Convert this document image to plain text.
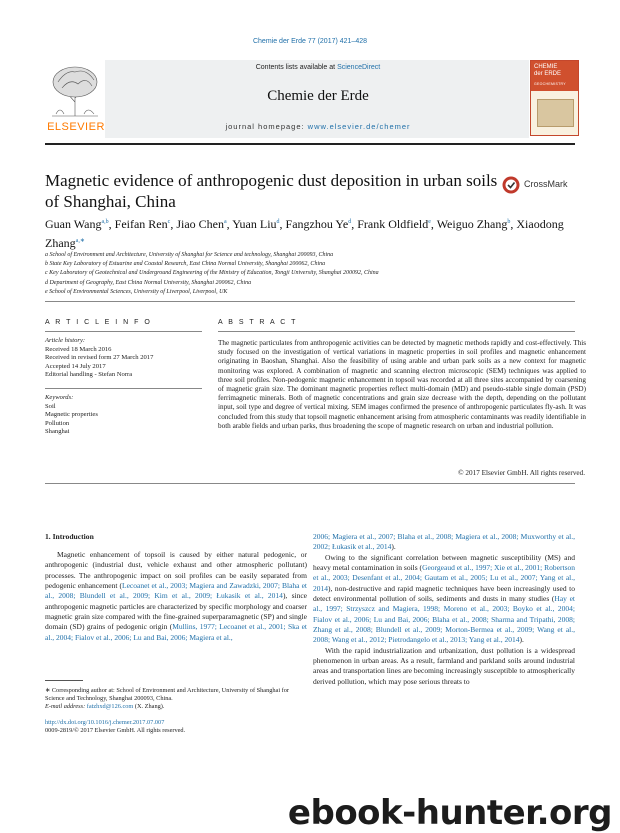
Chemie der Erde 77 (2017) 421–428
ELSEVIER
Contents lists available at ScienceDirect
Chemie der Erde
journal homepage: www.elsevier.de/chemer
CHEMIE
der ERDE
GEOCHEMISTRY
Magnetic evidence of anthropogenic dust deposition in urban soils of Shanghai, China
CrossMark
Guan Wang$^{a,b}$, Feifan Ren$^c$, Jiao Chen$^a$, Yuan Liu$^d$, Fangzhou Ye$^d$, Frank Oldfield$^e$, Weiguo Zhang$^b$, Xiaodong Zhang$^{a,∗}$
a School of Environment and Architecture, University of Shanghai for Science and technology, Shanghai 200093, China
b State Key Laboratory of Estuarine and Coastal Research, East China Normal University, Shanghai 200062, China
c Key Laboratory of Geotechnical and Underground Engineering of the Ministry of Education, Tongji University, Shanghai 200092, China
d Department of Geography, East China Normal University, Shanghai 200062, China
e School of Environmental Sciences, University of Liverpool, Liverpool, UK
A R T I C L E I N F O	A B S T R A C T
Article history:
Received 18 March 2016
Received in revised form 27 March 2017
Accepted 14 July 2017
Editorial handling - Stefan Norra
Keywords:
Soil
Magnetic properties
Pollution
Shanghai
The magnetic particulates from anthropogenic activities can be detected by magnetic methods rapidly and cost-effectively. This study focused on the investigation of vertical variations in magnetic properties in soil profiles and magnetic enhancement originating in Baoshan, Shanghai. Also the feasibility of using arable and urban park soils as a new context for magnetic monitoring was explored. A combination of magnetic and scanning electron microscopic (SEM) techniques was applied to three soil profiles. Non-pedogenic magnetic enhancement in topsoil was recorded at all three sites accompanied by coarsening of magnetic grain size. The dominant magnetic properties reflect multi-domain (MD) and pseudo-stable single domain (PSD) ferrimagnetic minerals. Both of magnetic concentrations and grain size decrease with the depth, depending on the pollutant input, soil type and degree of vertical mixing. SEM images confirmed the presence of anthropogenic particulates fly-ash. It was concluded from this study that topsoil magnetic enhancement arising from atmospheric contaminants was readily identifiable in both arable fields and urban parks, thus broadening the scope of magnetic research on urban and industrial pollution.
© 2017 Elsevier GmbH. All rights reserved.
1. Introduction

Magnetic enhancement of topsoil is caused by either natural pedogenic, or anthropogenic (industrial dust, vehicle exhaust and other atmospheric pollutant) processes. The anthropogenic impact on soil profiles can be easily separated from pedogenic enhancement (Lecoanet et al., 2003; Magiera and Zawadzki, 2007; Blaha et al., 2008; Blundell et al., 2009; Kim et al., 2009; Łukasik et al., 2014), since anthropogenic magnetic particles are characterized by specific morphology and coarser magnetic grain size compared with the fine-grained superparamagnetic (SP) and single domain (SD) grains of pedogenic origin (Mullins, 1977; Lecoanet et al., 2001; Ska et al., 2004; Fialov et al., 2006; Lu and Bai, 2006; Magiera et al.,

2006; Magiera et al., 2007; Blaha et al., 2008; Magiera et al., 2008; Muxworthy et al., 2002; Łukasik et al., 2014).

Owing to the significant correlation between magnetic susceptibility (MS) and heavy metal contamination in soils (Georgeaud et al., 1997; Xie et al., 2001; Robertson et al., 2003; Desenfant et al., 2004; Gautam et al., 2005; Lu et al., 2007; Yang et al., 2014), non-destructive and rapid magnetic techniques have been increasingly used to detect environmental pollution of soils, sediments and dusts in many studies (Hay et al., 1997; Strzyszcz and Magiera, 1998; Moreno et al., 2003; Boyko et al., 2004; Fialov et al., 2006; Lu and Bai, 2006; Blaha et al., 2008; Sharma and Tripathi, 2008; Zhang et al., 2008; Blundell et al., 2009; Morton-Bermea et al., 2009; Wang et al., 2008; Wang et al., 2012; Pietrodangelo et al., 2013; Yang et al., 2014).

With the rapid industrialization and urbanization, dust pollution is a widespread phenomenon in urban areas. As a result, farmland and parkland soils around industrial areas and transportation lines are becoming increasingly susceptible to atmospherically derived pollution, which may pose serious threats to

∗ Corresponding author at: School of Environment and Architecture, University of Shanghai for Science and Technology, Shanghai 200093, China.
E-mail address: fatzhxd@126.com (X. Zhang).
http://dx.doi.org/10.1016/j.chemer.2017.07.007
0009-2819/© 2017 Elsevier GmbH. All rights reserved.
ebook-hunter.org
